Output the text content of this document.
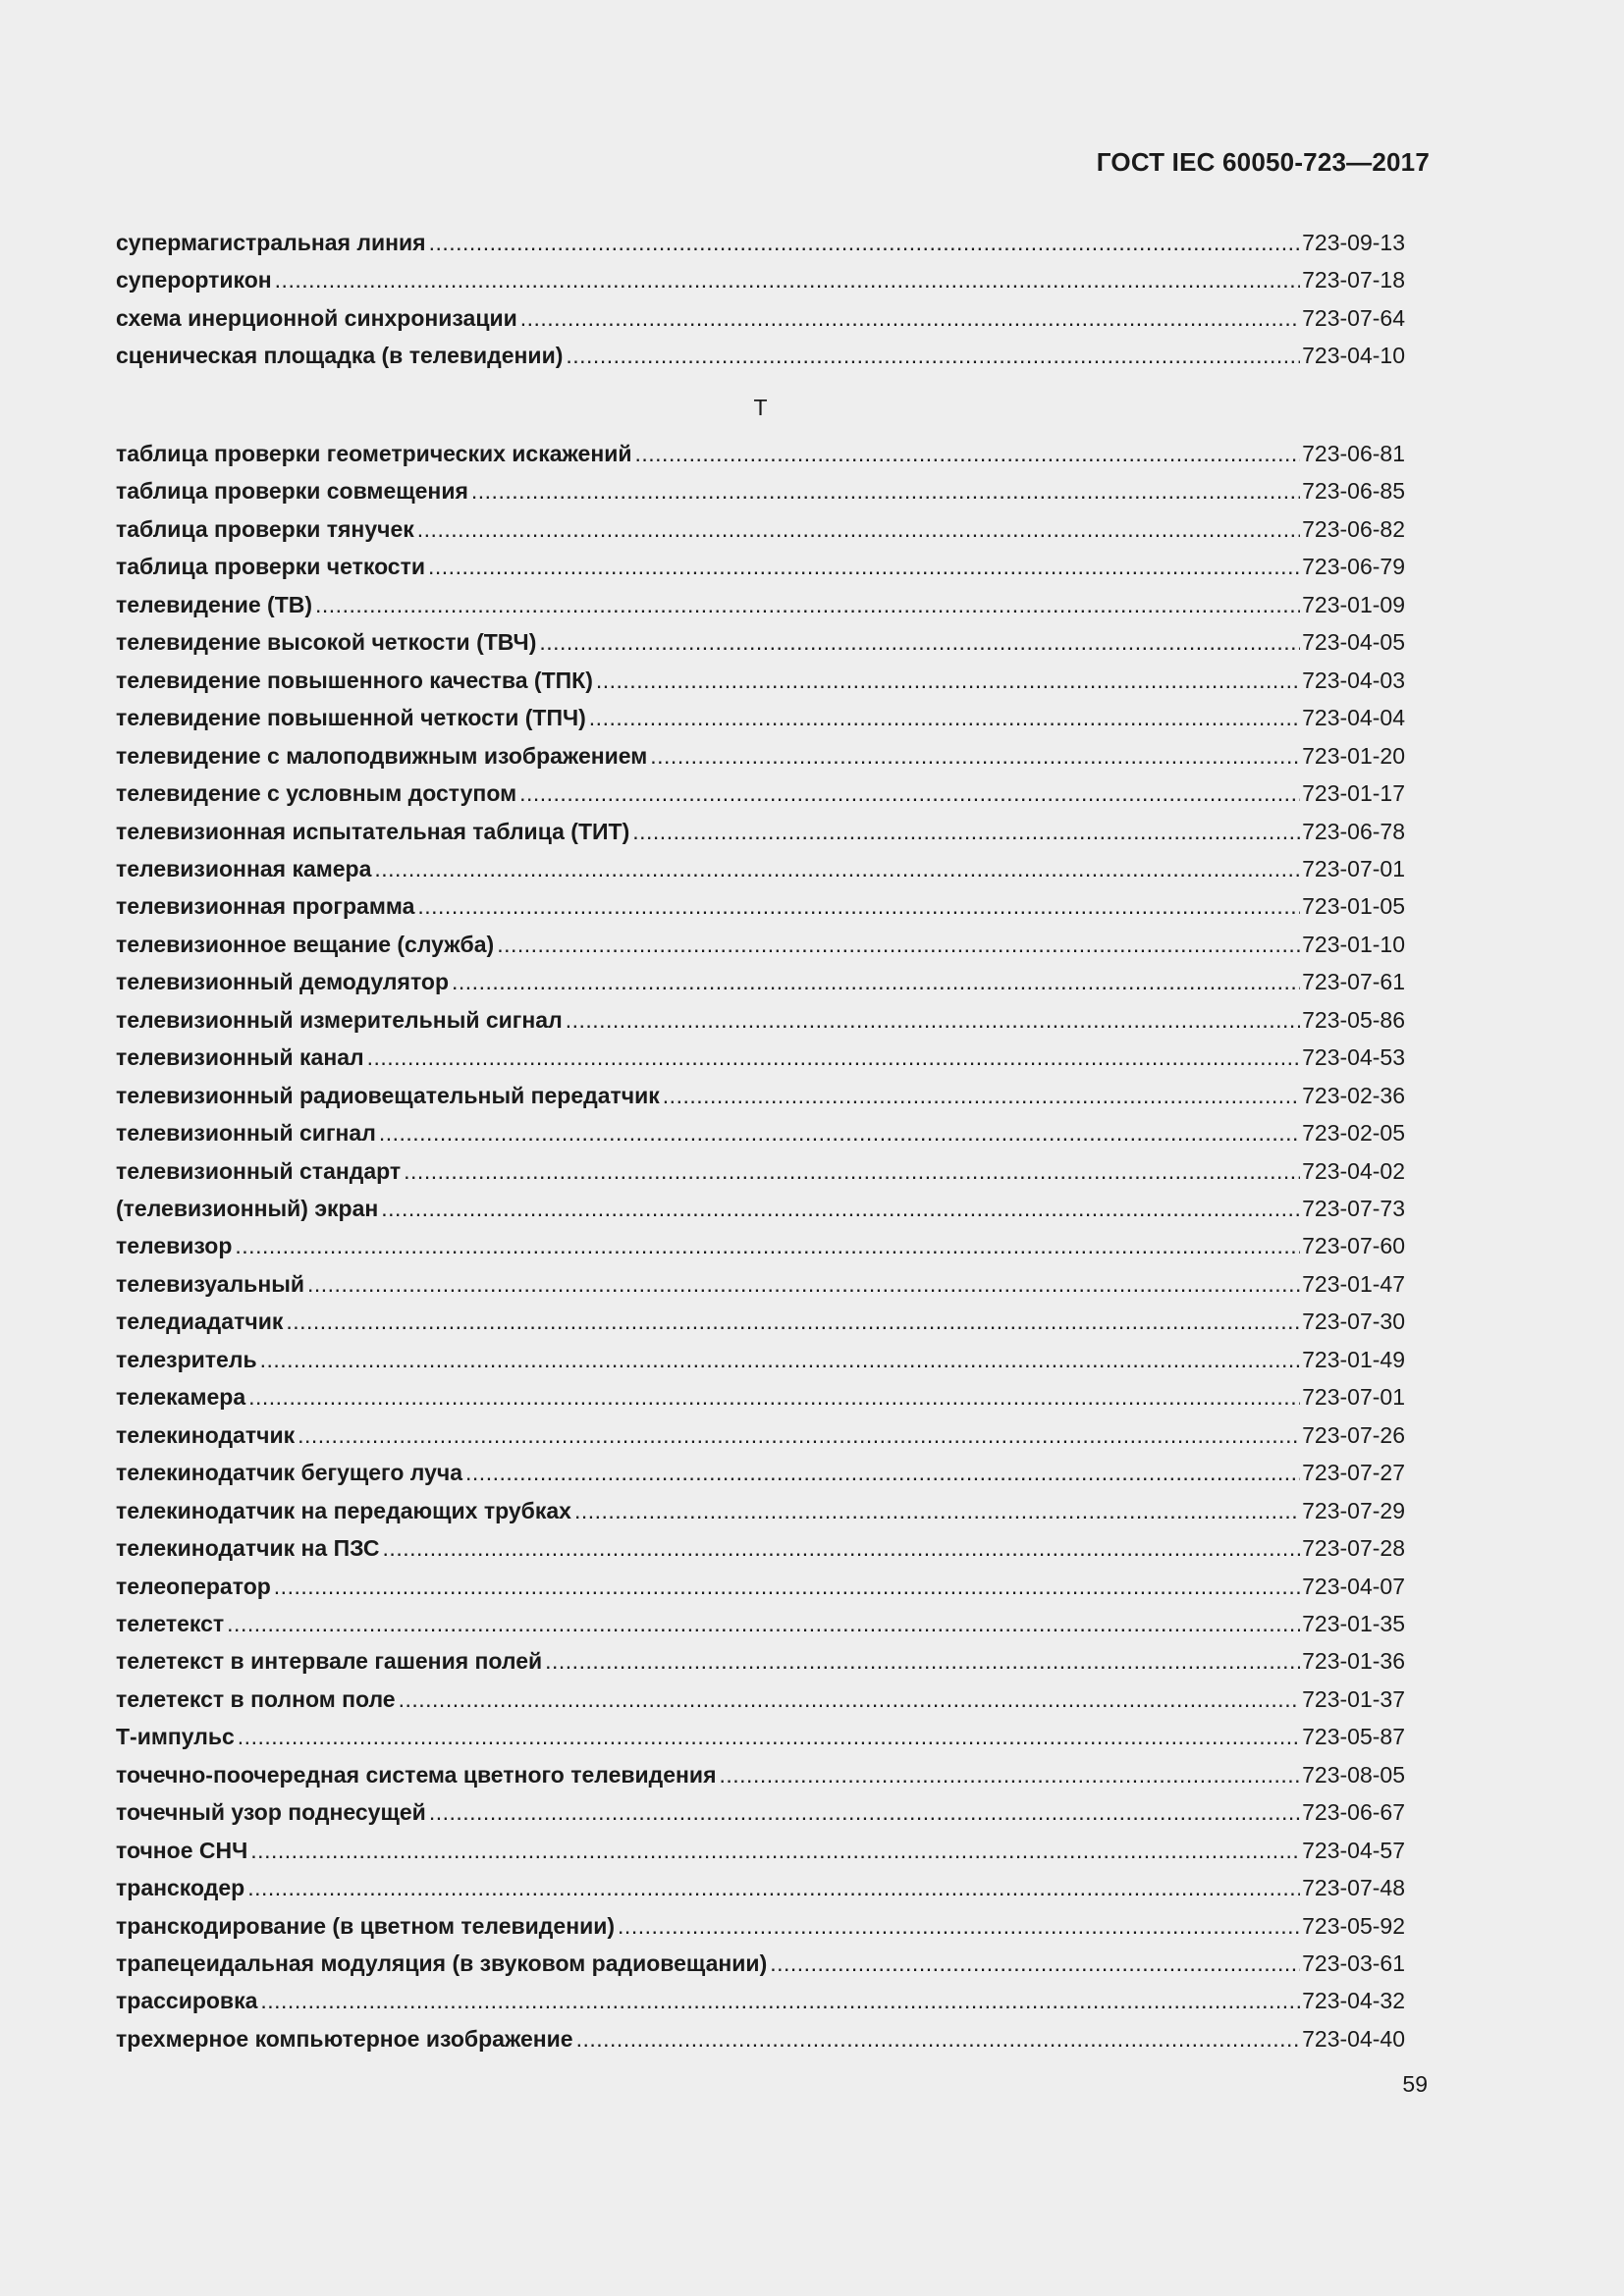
ГОСТ IEC 60050-723—2017
Т
супермагистральная линия .....	723-09-13
суперортикон .....	723-07-18
схема инерционной синхронизации .....	723-07-64
сценическая площадка (в телевидении) .....	723-04-10
таблица проверки геометрических искажений .....	723-06-81
таблица проверки совмещения .....	723-06-85
таблица проверки тянучек .....	723-06-82
таблица проверки четкости .....	723-06-79
телевидение (ТВ) .....	723-01-09
телевидение высокой четкости (ТВЧ) .....	723-04-05
телевидение повышенного качества (ТПК) .....	723-04-03
телевидение повышенной четкости (ТПЧ) .....	723-04-04
телевидение с малоподвижным изображением .....	723-01-20
телевидение с условным доступом .....	723-01-17
телевизионная испытательная таблица (ТИТ) .....	723-06-78
телевизионная камера .....	723-07-01
телевизионная программа .....	723-01-05
телевизионное вещание (служба) .....	723-01-10
телевизионный демодулятор .....	723-07-61
телевизионный измерительный сигнал .....	723-05-86
телевизионный канал .....	723-04-53
телевизионный радиовещательный передатчик .....	723-02-36
телевизионный сигнал .....	723-02-05
телевизионный стандарт .....	723-04-02
(телевизионный) экран .....	723-07-73
телевизор .....	723-07-60
телевизуальный .....	723-01-47
теледиадатчик .....	723-07-30
телезритель .....	723-01-49
телекамера .....	723-07-01
телекинодатчик .....	723-07-26
телекинодатчик бегущего луча .....	723-07-27
телекинодатчик на передающих трубках .....	723-07-29
телекинодатчик на ПЗС .....	723-07-28
телеоператор .....	723-04-07
телетекст .....	723-01-35
телетекст в интервале гашения полей .....	723-01-36
телетекст в полном поле .....	723-01-37
Т-импульс .....	723-05-87
точечно-поочередная система цветного телевидения .....	723-08-05
точечный узор поднесущей .....	723-06-67
точное СНЧ .....	723-04-57
транскодер .....	723-07-48
транскодирование (в цветном телевидении) .....	723-05-92
трапецеидальная модуляция (в звуковом радиовещании) .....	723-03-61
трассировка .....	723-04-32
трехмерное компьютерное изображение .....	723-04-40
59
